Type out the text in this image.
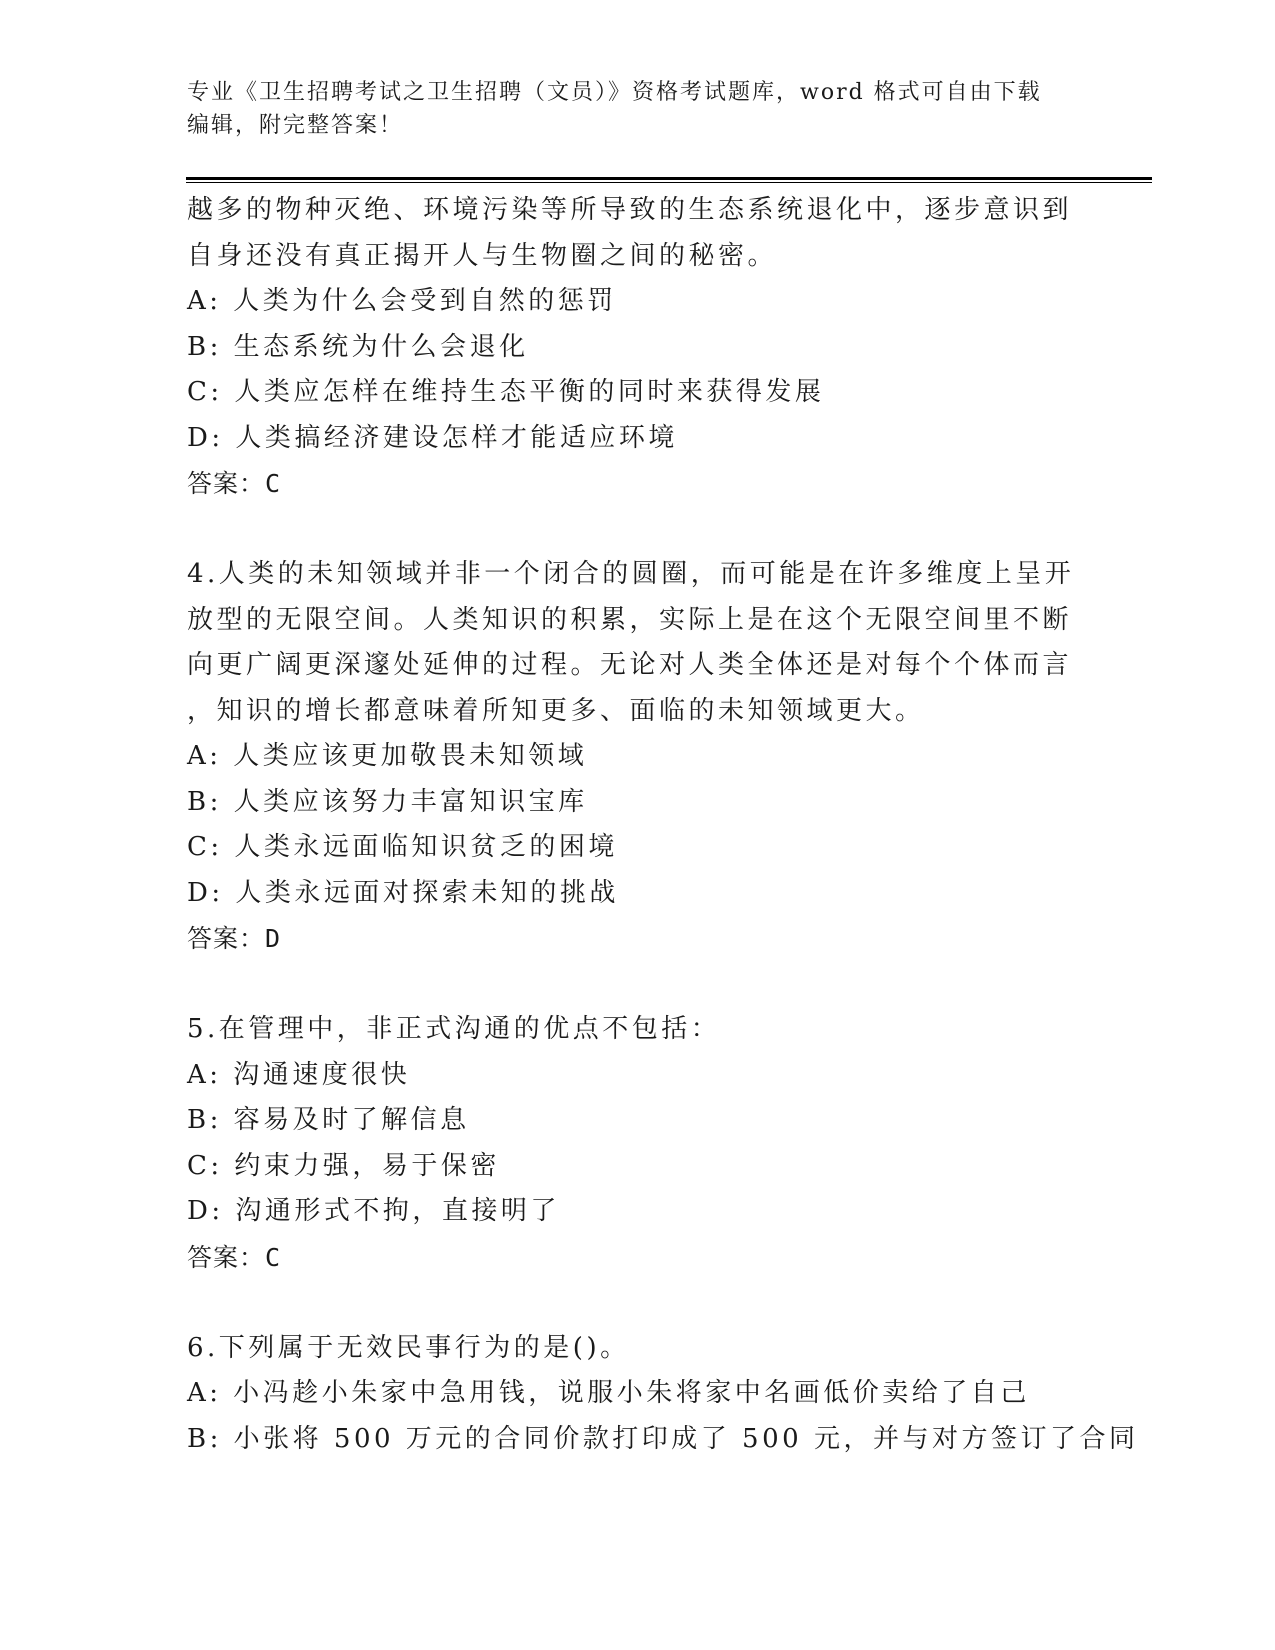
专业《卫生招聘考试之卫生招聘（文员）》资格考试题库，word 格式可自由下载
编辑，附完整答案！
越多的物种灭绝、环境污染等所导致的生态系统退化中，逐步意识到
自身还没有真正揭开人与生物圈之间的秘密。
A: 人类为什么会受到自然的惩罚
B: 生态系统为什么会退化
C: 人类应怎样在维持生态平衡的同时来获得发展
D: 人类搞经济建设怎样才能适应环境
答案：C
4.人类的未知领域并非一个闭合的圆圈，而可能是在许多维度上呈开
放型的无限空间。人类知识的积累，实际上是在这个无限空间里不断
向更广阔更深邃处延伸的过程。无论对人类全体还是对每个个体而言
，知识的增长都意味着所知更多、面临的未知领域更大。
A: 人类应该更加敬畏未知领域
B: 人类应该努力丰富知识宝库
C: 人类永远面临知识贫乏的困境
D: 人类永远面对探索未知的挑战
答案：D
5.在管理中，非正式沟通的优点不包括：
A: 沟通速度很快
B: 容易及时了解信息
C: 约束力强，易于保密
D: 沟通形式不拘，直接明了
答案：C
6.下列属于无效民事行为的是()。
A: 小冯趁小朱家中急用钱，说服小朱将家中名画低价卖给了自己
B: 小张将 500 万元的合同价款打印成了 500 元，并与对方签订了合同
